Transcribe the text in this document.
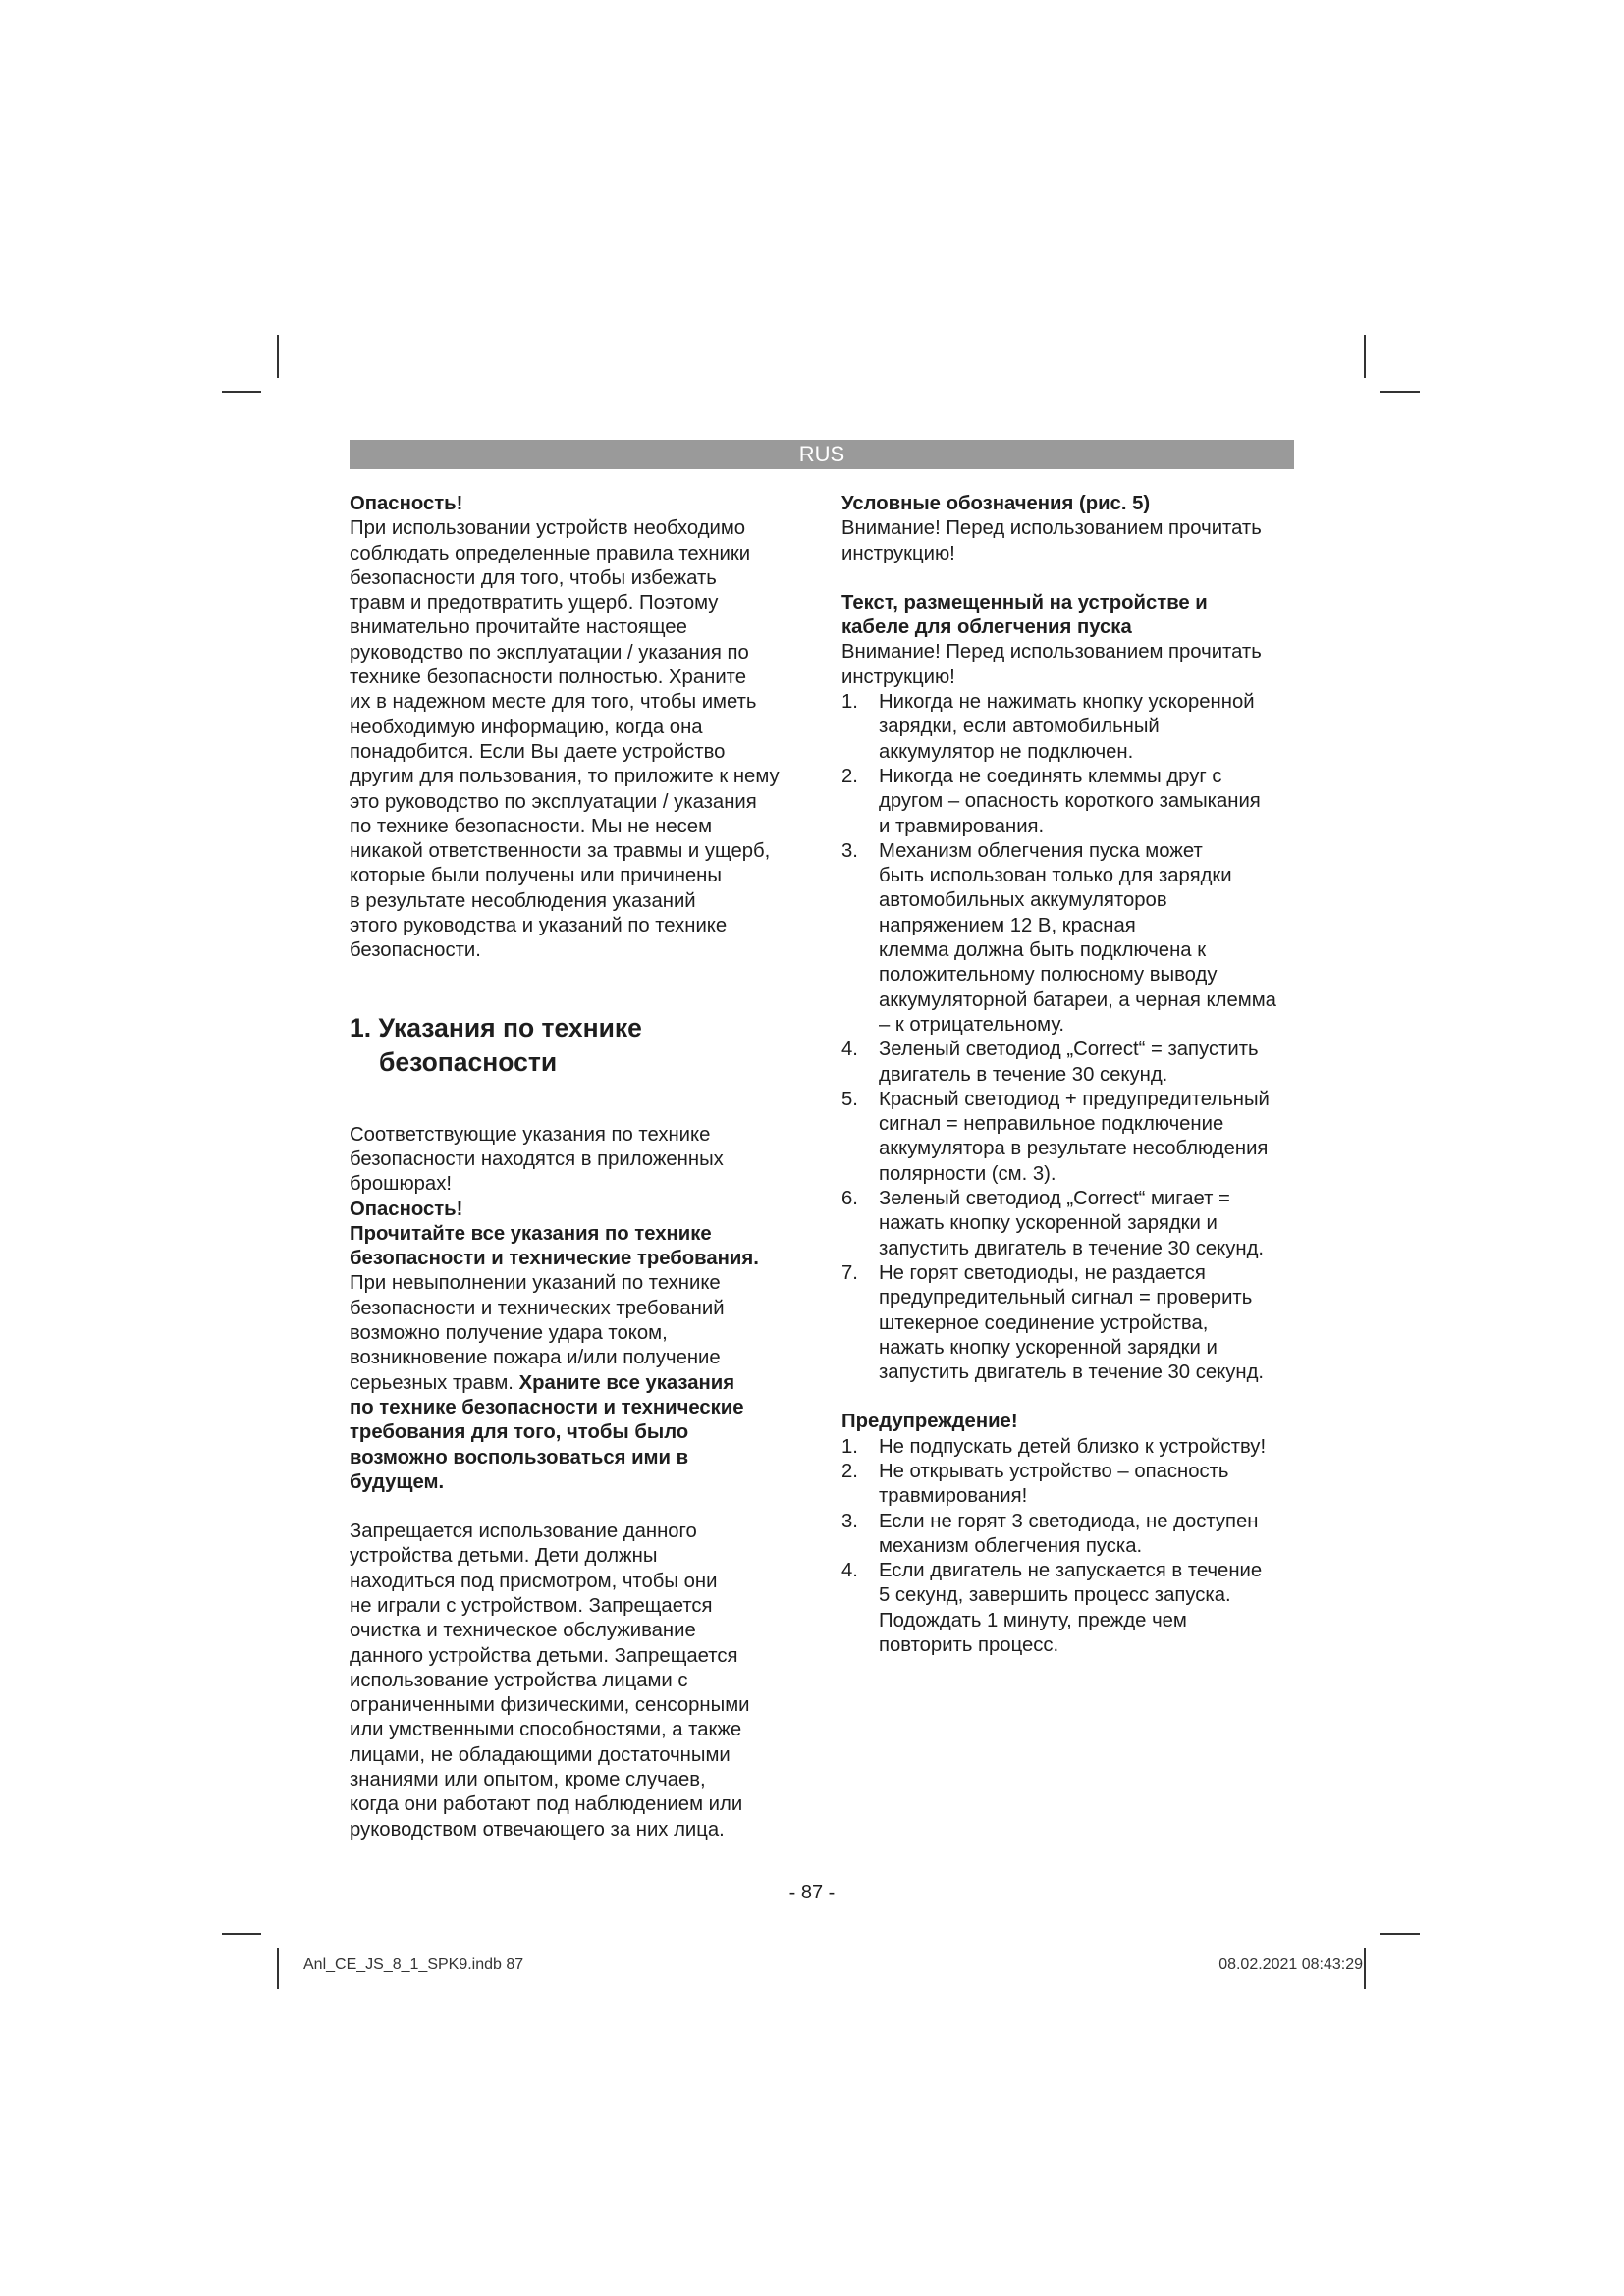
RUS

Опасность!

При использовании устройств необходимо
соблюдать определенные правила техники
безопасности для того, чтобы избежать
травм и предотвратить ущерб. Поэтому
внимательно прочитайте настоящее
руководство по эксплуатации / указания по
технике безопасности полностью. Храните
их в надежном месте для того, чтобы иметь
необходимую информацию, когда она
понадобится. Если Вы даете устройство
другим для пользования, то приложите к нему
это руководство по эксплуатации / указания
по технике безопасности. Мы не несем
никакой ответственности за травмы и ущерб,
которые были получены или причинены
в результате несоблюдения указаний
этого руководства и указаний по технике
безопасности.

1. Указания по технике
безопасности

Соответствующие указания по технике
безопасности находятся в приложенных
брошюрах!

Опасность!

Прочитайте все указания по технике
безопасности и технические требования.

При невыполнении указаний по технике
безопасности и технических требований
возможно получение удара током,
возникновение пожара и/или получение
серьезных травм. Храните все указания
по технике безопасности и технические
требования для того, чтобы было
возможно воспользоваться ими в
будущем.

Запрещается использование данного
устройства детьми. Дети должны
находиться под присмотром, чтобы они
не играли с устройством. Запрещается
очистка и техническое обслуживание
данного устройства детьми. Запрещается
использование устройства лицами с
ограниченными физическими, сенсорными
или умственными способностями, а также
лицами, не обладающими достаточными
знаниями или опытом, кроме случаев,
когда они работают под наблюдением или
руководством отвечающего за них лица.

Условные обозначения (рис. 5)

Внимание! Перед использованием прочитать
инструкцию!

Текст, размещенный на устройстве и
кабеле для облегчения пуска

Внимание! Перед использованием прочитать
инструкцию!

1. Никогда не нажимать кнопку ускоренной
зарядки, если автомобильный
аккумулятор не подключен.
2. Никогда не соединять клеммы друг с
другом – опасность короткого замыкания
и травмирования.
3. Механизм облегчения пуска может
быть использован только для зарядки
автомобильных аккумуляторов
напряжением 12 В, красная
клемма должна быть подключена к
положительному полюсному выводу
аккумуляторной батареи, а черная клемма
– к отрицательному.
4. Зеленый светодиод „Correct“ = запустить
двигатель в течение 30 секунд.
5. Красный светодиод + предупредительный
сигнал = неправильное подключение
аккумулятора в результате несоблюдения
полярности (см. 3).
6. Зеленый светодиод „Correct“ мигает =
нажать кнопку ускоренной зарядки и
запустить двигатель в течение 30 секунд.
7. Не горят светодиоды, не раздается
предупредительный сигнал = проверить
штекерное соединение устройства,
нажать кнопку ускоренной зарядки и
запустить двигатель в течение 30 секунд.

Предупреждение!

1. Не подпускать детей близко к устройству!
2. Не открывать устройство – опасность
травмирования!
3. Если не горят 3 светодиода, не доступен
механизм облегчения пуска.
4. Если двигатель не запускается в течение
5 секунд, завершить процесс запуска.
Подождать 1 минуту, прежде чем
повторить процесс.
- 87 -
Anl_CE_JS_8_1_SPK9.indb 87	08.02.2021 08:43:29
